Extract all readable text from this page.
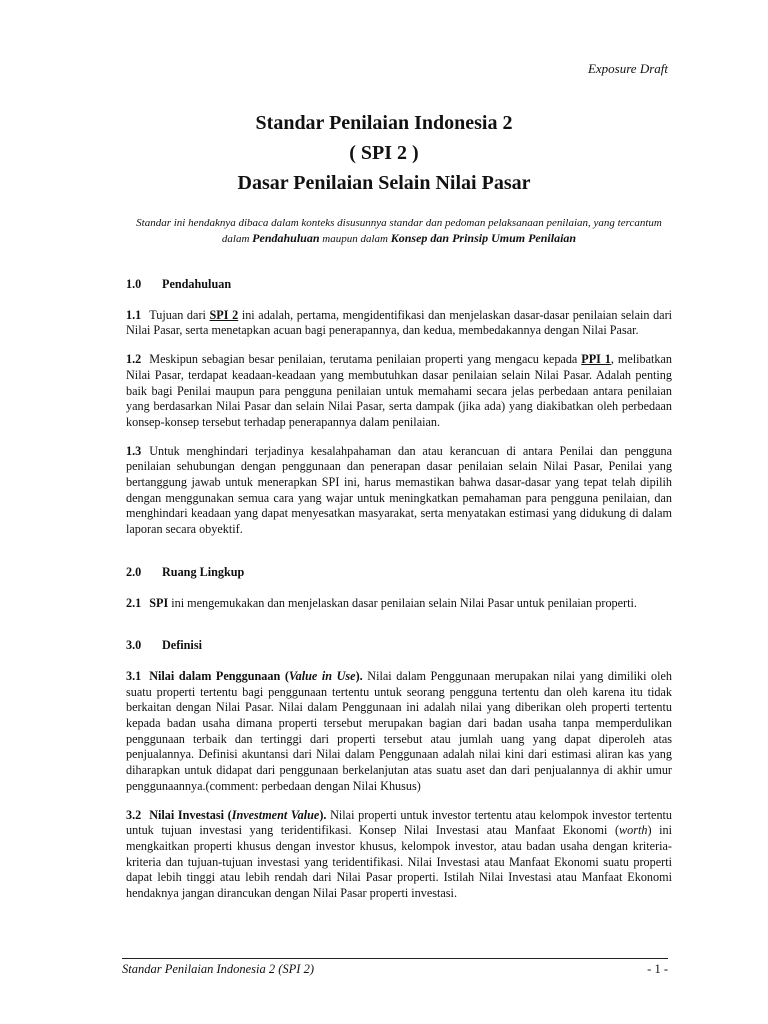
Exposure Draft
Standar Penilaian Indonesia 2
( SPI 2 )
Dasar Penilaian Selain Nilai Pasar
Standar ini hendaknya dibaca dalam konteks disusunnya standar dan pedoman pelaksanaan penilaian, yang tercantum dalam Pendahuluan maupun dalam Konsep dan Prinsip Umum Penilaian
1.0 Pendahuluan

1.1 Tujuan dari SPI 2 ini adalah, pertama, mengidentifikasi dan menjelaskan dasar-dasar penilaian selain dari Nilai Pasar, serta menetapkan acuan bagi penerapannya, dan kedua, membedakannya dengan Nilai Pasar.

1.2 Meskipun sebagian besar penilaian, terutama penilaian properti yang mengacu kepada PPI 1, melibatkan Nilai Pasar, terdapat keadaan-keadaan yang membutuhkan dasar penilaian selain Nilai Pasar. Adalah penting baik bagi Penilai maupun para pengguna penilaian untuk memahami secara jelas perbedaan antara penilaian yang berdasarkan Nilai Pasar dan selain Nilai Pasar, serta dampak (jika ada) yang diakibatkan oleh perbedaan konsep-konsep tersebut terhadap penerapannya dalam penilaian.

1.3 Untuk menghindari terjadinya kesalahpahaman dan atau kerancuan di antara Penilai dan pengguna penilaian sehubungan dengan penggunaan dan penerapan dasar penilaian selain Nilai Pasar, Penilai yang bertanggung jawab untuk menerapkan SPI ini, harus memastikan bahwa dasar-dasar yang tepat telah dipilih dengan menggunakan semua cara yang wajar untuk meningkatkan pemahaman para pengguna penilaian, dan menghindari keadaan yang dapat menyesatkan masyarakat, serta menyatakan estimasi yang didukung di dalam laporan secara obyektif.

2.0 Ruang Lingkup

2.1 SPI ini mengemukakan dan menjelaskan dasar penilaian selain Nilai Pasar untuk penilaian properti.

3.0 Definisi

3.1 Nilai dalam Penggunaan (Value in Use). Nilai dalam Penggunaan merupakan nilai yang dimiliki oleh suatu properti tertentu bagi penggunaan tertentu untuk seorang pengguna tertentu dan oleh karena itu tidak berkaitan dengan Nilai Pasar. Nilai dalam Penggunaan ini adalah nilai yang diberikan oleh properti tertentu kepada badan usaha dimana properti tersebut merupakan bagian dari badan usaha tanpa memperdulikan penggunaan terbaik dan tertinggi dari properti tersebut atau jumlah uang yang dapat diperoleh atas penjualannya. Definisi akuntansi dari Nilai dalam Penggunaan adalah nilai kini dari estimasi aliran kas yang diharapkan untuk didapat dari penggunaan berkelanjutan atas suatu aset dan dari penjualannya di akhir umur penggunaannya.(comment: perbedaan dengan Nilai Khusus)

3.2 Nilai Investasi (Investment Value). Nilai properti untuk investor tertentu atau kelompok investor tertentu untuk tujuan investasi yang teridentifikasi. Konsep Nilai Investasi atau Manfaat Ekonomi (worth) ini mengkaitkan properti khusus dengan investor khusus, kelompok investor, atau badan usaha dengan kriteria-kriteria dan tujuan-tujuan investasi yang teridentifikasi. Nilai Investasi atau Manfaat Ekonomi suatu properti dapat lebih tinggi atau lebih rendah dari Nilai Pasar properti. Istilah Nilai Investasi atau Manfaat Ekonomi hendaknya jangan dirancukan dengan Nilai Pasar properti investasi.

Standar Penilaian Indonesia 2 (SPI 2)	- 1 -
